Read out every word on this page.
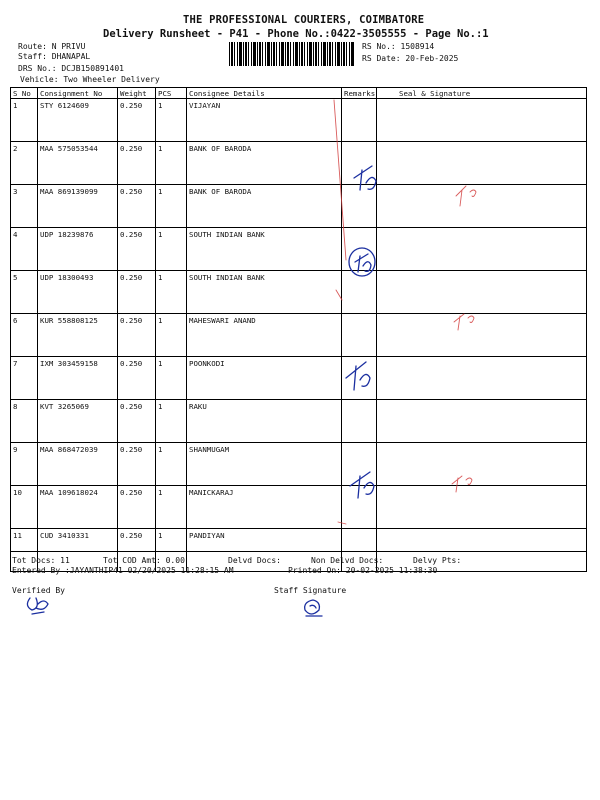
THE PROFESSIONAL COURIERS, COIMBATORE
Delivery Runsheet - P41 - Phone No.:0422-3505555 - Page No.:1
Route: N PRIVU
Staff: DHANAPAL
DRS No.: DCJB150891401
Vehicle: Two Wheeler Delivery
RS No.: 1508914
RS Date: 20-Feb-2025
S No	Consignment No	Weight	PCS	Consignee Details	Remarks	Seal & Signature
1	STY 6124609	0.250	1	VIJAYAN		
2	MAA 575053544	0.250	1	BANK OF BARODA		
3	MAA 869139099	0.250	1	BANK OF BARODA		
4	UDP 18239876	0.250	1	SOUTH INDIAN BANK		
5	UDP 18300493	0.250	1	SOUTH INDIAN BANK		
6	KUR 558808125	0.250	1	MAHESWARI ANAND		
7	IXM 303459158	0.250	1	POONKODI		
8	KVT 3265069	0.250	1	RAKU		
9	MAA 868472039	0.250	1	SHANMUGAM		
10	MAA 109618024	0.250	1	MANICKARAJ		
11	CUD 3410331	0.250	1	PANDIYAN		
Tot Docs: 11	Tot COD Amt: 0.00	Delvd Docs:	Non Delvd Docs:	Delvy Pts:
Entered By :JAYANTHIP41 02/20/2025 11:28:15 AM	Printed On: 20-02-2025 11:38:30
Verified By	Staff Signature
